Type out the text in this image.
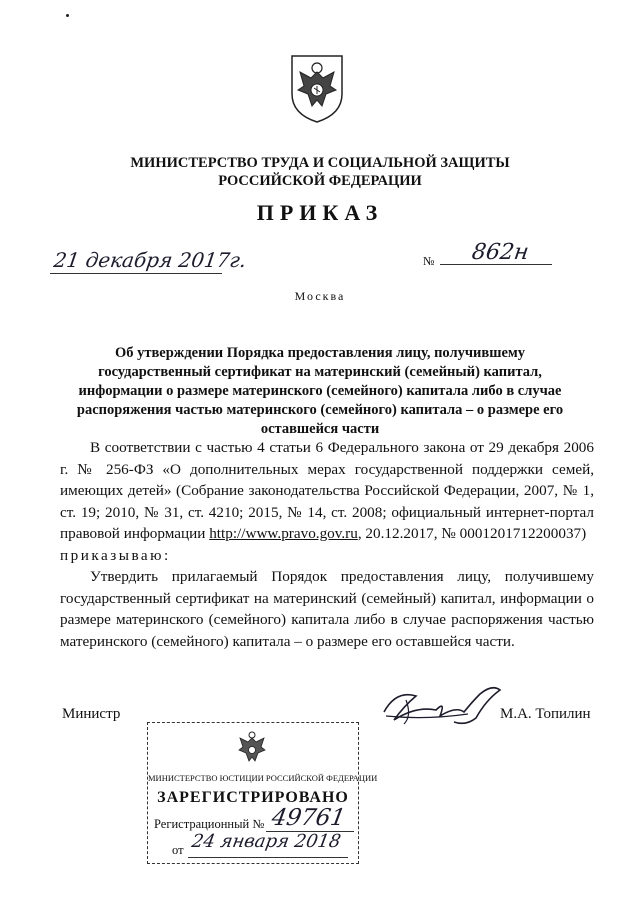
МИНИСТЕРСТВО ТРУДА И СОЦИАЛЬНОЙ ЗАЩИТЫ
РОССИЙСКОЙ ФЕДЕРАЦИИ
ПРИКАЗ
21 декабря 2017г.	№ 862н
Москва
Об утверждении Порядка предоставления лицу, получившему
государственный сертификат на материнский (семейный) капитал,
информации о размере материнского (семейного) капитала либо в случае
распоряжения частью материнского (семейного) капитала – о размере его
оставшейся части

В соответствии с частью 4 статьи 6 Федерального закона от 29 декабря 2006 г. № 256-ФЗ «О дополнительных мерах государственной поддержки семей, имеющих детей» (Собрание законодательства Российской Федерации, 2007, № 1, ст. 19; 2010, № 31, ст. 4210; 2015, № 14, ст. 2008; официальный интернет-портал правовой информации http://www.pravo.gov.ru, 20.12.2017, № 0001201712200037)

приказываю:

Утвердить прилагаемый Порядок предоставления лицу, получившему государственный сертификат на материнский (семейный) капитал, информации о размере материнского (семейного) капитала либо в случае распоряжения частью материнского (семейного) капитала – о размере его оставшейся части.

Министр	М.А. Топилин
МИНИСТЕРСТВО ЮСТИЦИИ РОССИЙСКОЙ ФЕДЕРАЦИИ
ЗАРЕГИСТРИРОВАНО
Регистрационный № 49761
от 24 января 2018
